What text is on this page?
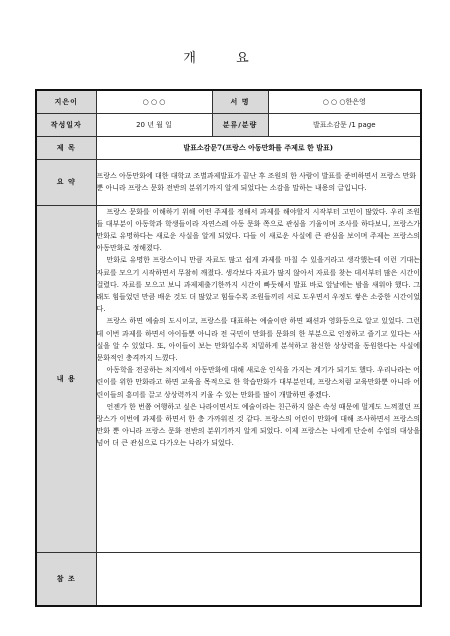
개 요
지은이	○ ○ ○	서 명	○ ○ ○한은영
작성일자	20 년 월 일	분류/분량	발표소감문 /1 page
제 목	발표소감문7(프랑스 아동만화를 주제로 한 발표)		
요 약	프랑스 아동만화에 대한 대학교 조별과제발표가 끝난 후 조원의 한 사람이 발표를 준비하면서 프랑스 만화뿐 아니라 프랑스 문화 전반의 분위기까지 알게 되었다는 소감을 말하는 내용의 글입니다.		
내 용	프랑스 문화를 이해하기 위해 어떤 주제를 정해서 과제를 해야할지 시작부터 고민이 많았다. 우리 조원들 대부분이 아동학과 학생들이라 자연스레 아동 문화 쪽으로 관심을 기울이며 조사를 하다보니, 프랑스가 만화로 유명하다는 새로운 사실을 알게 되었다. 다들 이 새로운 사실에 큰 관심을 보이며 주제는 프랑스의 아동만화로 정해졌다.

만화로 유명한 프랑스이니 만큼 자료도 많고 쉽게 과제를 마칠 수 있을거라고 생각했는데 이런 기대는 자료를 모으기 시작하면서 무참히 깨졌다. 생각보다 자료가 많지 않아서 자료를 찾는 데서부터 많은 시간이 걸렸다. 자료를 모으고 보니 과제제출기한까지 시간이 빠듯해서 발표 바로 앞날에는 밤을 새워야 했다. 그래도 힘들었던 만큼 배운 것도 더 많았고 힘들수록 조원들끼리 서로 도우면서 우정도 쌓은 소중한 시간이었다.

프랑스 하면 예술의 도시이고, 프랑스를 대표하는 예술이란 하면 패션과 영화등으로 알고 있었다. 그런데 이번 과제를 하면서 아이들뿐 아니라 전 국민이 만화를 문화의 한 부분으로 인정하고 즐기고 있다는 사실을 알 수 있었다. 또, 아이들이 보는 만화일수록 치밀하게 분석하고 참신한 상상력을 동원한다는 사실에 문화적인 충격까지 느꼈다.

아동학을 전공하는 처지에서 아동만화에 대해 새로운 인식을 가지는 계기가 되기도 했다. 우리나라는 어린이를 위한 만화라고 하면 교육을 목적으로 한 학습만화가 대부분인데, 프랑스처럼 교육만화뿐 아니라 어린이들의 흥미를 끌고 상상력까지 키울 수 있는 만화를 많이 개발하면 좋겠다.

언젠가 한 번쯤 여행하고 싶은 나라이면서도 예술이라는 친근하지 않은 속성 때문에 멀게도 느껴졌던 프랑스가 이번에 과제를 하면서 한 층 가까워진 것 같다. 프랑스의 어린이 만화에 대해 조사하면서 프랑스의 만화 뿐 아니라 프랑스 문화 전반의 분위기까지 알게 되었다. 이제 프랑스는 나에게 단순히 수업의 대상을 넘어 더 큰 관심으로 다가오는 나라가 되었다.		

참 조			
